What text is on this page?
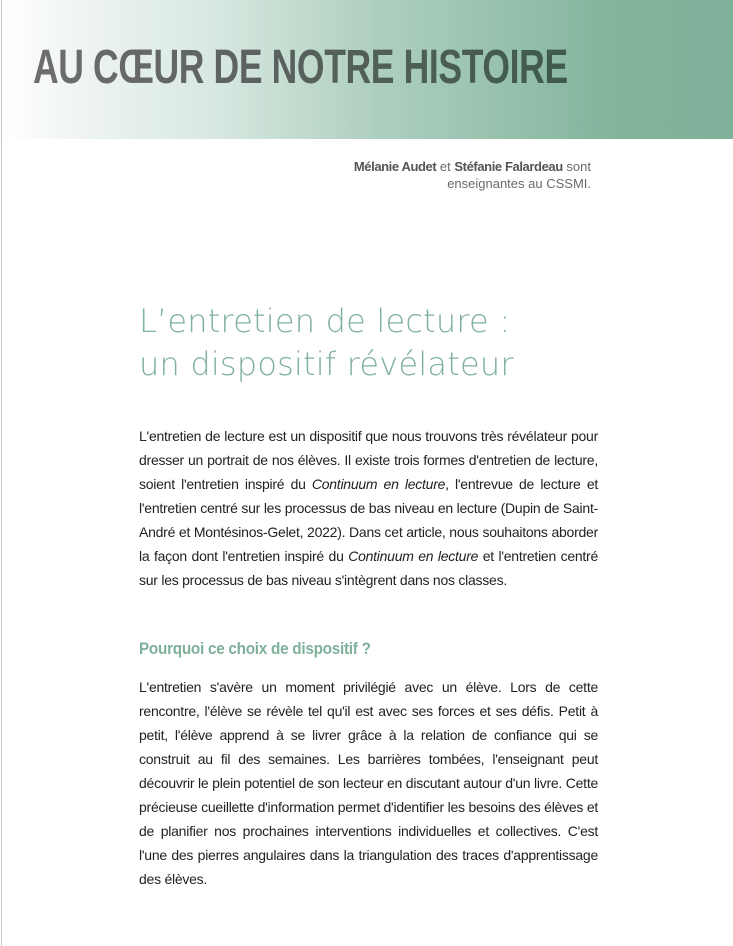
AU CŒUR DE NOTRE HISTOIRE
Mélanie Audet et Stéfanie Falardeau sont
enseignantes au CSSMI.
L’entretien de lecture :
un dispositif révélateur

L'entretien de lecture est un dispositif que nous trouvons très révélateur pour dresser un portrait de nos élèves. Il existe trois formes d'entretien de lecture, soient l'entretien inspiré du Continuum en lecture, l'entrevue de lecture et l'entretien centré sur les processus de bas niveau en lecture (Dupin de Saint-André et Montésinos-Gelet, 2022). Dans cet article, nous souhaitons aborder la façon dont l'entretien inspiré du Continuum en lecture et l'entretien centré sur les processus de bas niveau s'intègrent dans nos classes.

Pourquoi ce choix de dispositif ?

L'entretien s'avère un moment privilégié avec un élève. Lors de cette rencontre, l'élève se révèle tel qu'il est avec ses forces et ses défis. Petit à petit, l'élève apprend à se livrer grâce à la relation de confiance qui se construit au fil des semaines. Les barrières tombées, l'enseignant peut découvrir le plein potentiel de son lecteur en discutant autour d'un livre. Cette précieuse cueillette d'information permet d'identifier les besoins des élèves et de planifier nos prochaines interventions individuelles et collectives. C'est l'une des pierres angulaires dans la triangulation des traces d'apprentissage des élèves.
